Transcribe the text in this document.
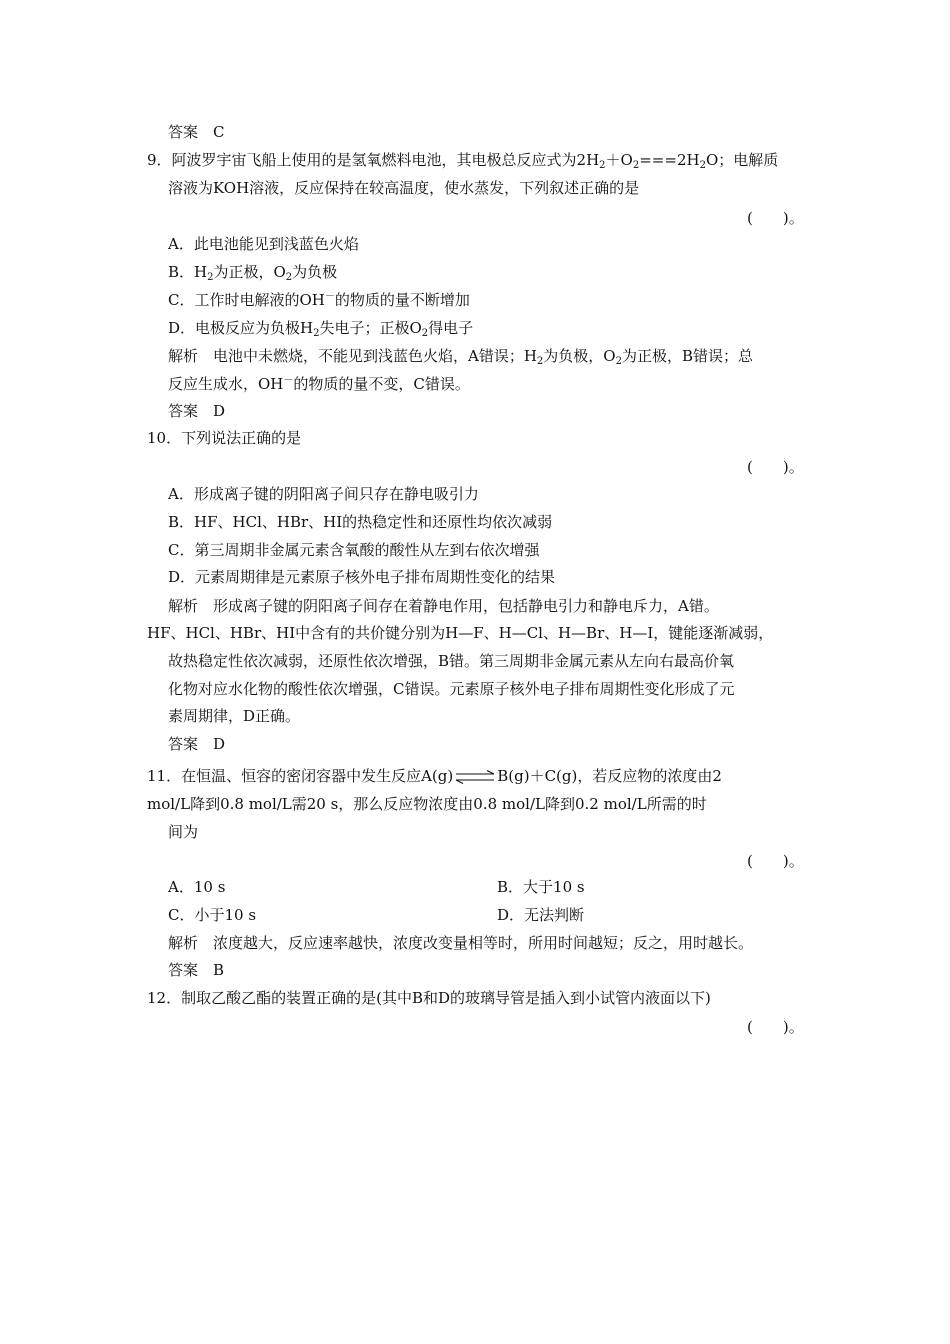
答案　C
9．阿波罗宇宙飞船上使用的是氢氧燃料电池，其电极总反应式为$2H_2+O_2===2H_2O$；电解质
溶液为KOH溶液，反应保持在较高温度，使水蒸发，下列叙述正确的是
(　　)。
A．此电池能见到浅蓝色火焰
B．$H_2$为正极，$O_2$为负极
C．工作时电解液的OH－的物质的量不断增加
D．电极反应为负极$H_2$失电子；正极$O_2$得电子
解析　电池中未燃烧，不能见到浅蓝色火焰，A错误；$H_2$为负极，$O_2$为正极，B错误；总
反应生成水，OH－的物质的量不变，C错误。
答案　D
10．下列说法正确的是
(　　)。
A．形成离子键的阴阳离子间只存在静电吸引力
B．HF、HCl、HBr、HI的热稳定性和还原性均依次减弱
C．第三周期非金属元素含氧酸的酸性从左到右依次增强
D．元素周期律是元素原子核外电子排布周期性变化的结果
解析　形成离子键的阴阳离子间存在着静电作用，包括静电引力和静电斥力，A错。
HF、HCl、HBr、HI中含有的共价键分别为H—F、H—Cl、H—Br、H—I，键能逐渐减弱，
故热稳定性依次减弱，还原性依次增强，B错。第三周期非金属元素从左向右最高价氧
化物对应水化物的酸性依次增强，C错误。元素原子核外电子排布周期性变化形成了元
素周期律，D正确。
答案　D
11．在恒温、恒容的密闭容器中发生反应A(g)⇌B(g)＋C(g)，若反应物的浓度由2
mol/L降到0.8 mol/L需20 s，那么反应物浓度由0.8 mol/L降到0.2 mol/L所需的时
间为
(　　)。
A．10 s	B．大于10 s
C．小于10 s	D．无法判断
解析　浓度越大，反应速率越快，浓度改变量相等时，所用时间越短；反之，用时越长。
答案　B
12．制取乙酸乙酯的装置正确的是(其中B和D的玻璃导管是插入到小试管内液面以下)
(　　)。
